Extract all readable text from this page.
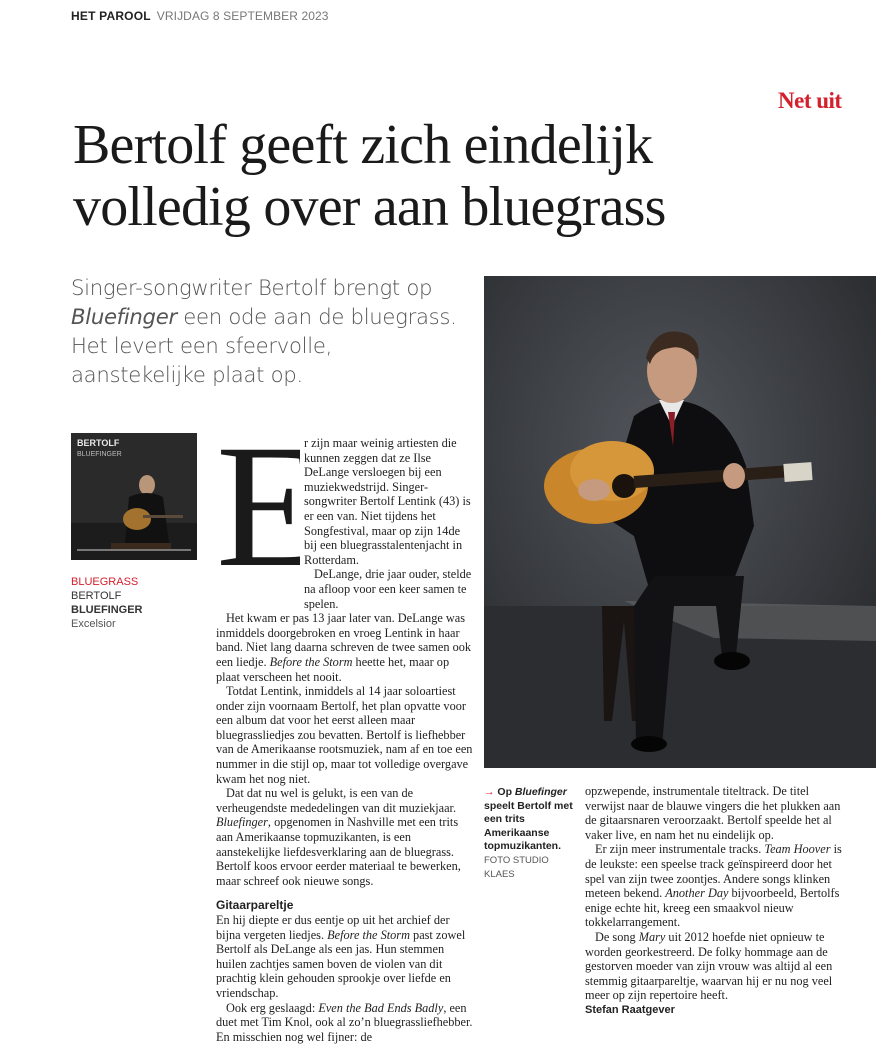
HET PAROOL VRIJDAG 8 SEPTEMBER 2023
Net uit
Bertolf geeft zich eindelijk
volledig over aan bluegrass
Singer-songwriter Bertolf brengt op Bluefinger een ode aan de bluegrass. Het levert een sfeervolle, aanstekelijke plaat op.
BERTOLF
BLUEFINGER
BLUEGRASS
BERTOLF
BLUEFINGER
Excelsior
E

r zijn maar weinig artiesten die kunnen zeggen dat ze Ilse DeLange versloegen bij een muziekwedstrijd. Singer-songwriter Bertolf Lentink (43) is er een van. Niet tijdens het Songfestival, maar op zijn 14de bij een bluegrasstalentenjacht in Rotterdam.

DeLange, drie jaar ouder, stelde na afloop voor een keer samen te spelen.

Het kwam er pas 13 jaar later van. DeLange was inmiddels doorgebroken en vroeg Lentink in haar band. Niet lang daarna schreven de twee samen ook een liedje. Before the Storm heette het, maar op plaat verscheen het nooit.

Totdat Lentink, inmiddels al 14 jaar soloartiest onder zijn voornaam Bertolf, het plan opvatte voor een album dat voor het eerst alleen maar bluegrassliedjes zou bevatten. Bertolf is liefhebber van de Amerikaanse rootsmuziek, nam af en toe een nummer in die stijl op, maar tot volledige overgave kwam het nog niet.

Dat dat nu wel is gelukt, is een van de verheugendste mededelingen van dit muziekjaar. Bluefinger, opgenomen in Nashville met een trits aan Amerikaanse topmuzikanten, is een aanstekelijke liefdesverklaring aan de bluegrass. Bertolf koos ervoor eerder materiaal te bewerken, maar schreef ook nieuwe songs.

Gitaarpareltje

En hij diepte er dus eentje op uit het archief der bijna vergeten liedjes. Before the Storm past zowel Bertolf als DeLange als een jas. Hun stemmen huilen zachtjes samen boven de violen van dit prachtig klein gehouden sprookje over liefde en vriendschap.

Ook erg geslaagd: Even the Bad Ends Badly, een duet met Tim Knol, ook al zo’n bluegrassliefhebber. En misschien nog wel fijner: de

→ Op Bluefinger speelt Bertolf met een trits Amerikaanse topmuzikanten.
FOTO STUDIO KLAES

opzwepende, instrumentale titeltrack. De titel verwijst naar de blauwe vingers die het plukken aan de gitaarsnaren veroorzaakt. Bertolf speelde het al vaker live, en nam het nu eindelijk op.

Er zijn meer instrumentale tracks. Team Hoover is de leukste: een speelse track geïnspireerd door het spel van zijn twee zoontjes. Andere songs klinken meteen bekend. Another Day bijvoorbeeld, Bertolfs enige echte hit, kreeg een smaakvol nieuw tokkelarrangement.

De song Mary uit 2012 hoefde niet opnieuw te worden georkestreerd. De folky hommage aan de gestorven moeder van zijn vrouw was altijd al een stemmig gitaarpareltje, waarvan hij er nu nog veel meer op zijn repertoire heeft.

Stefan Raatgever
